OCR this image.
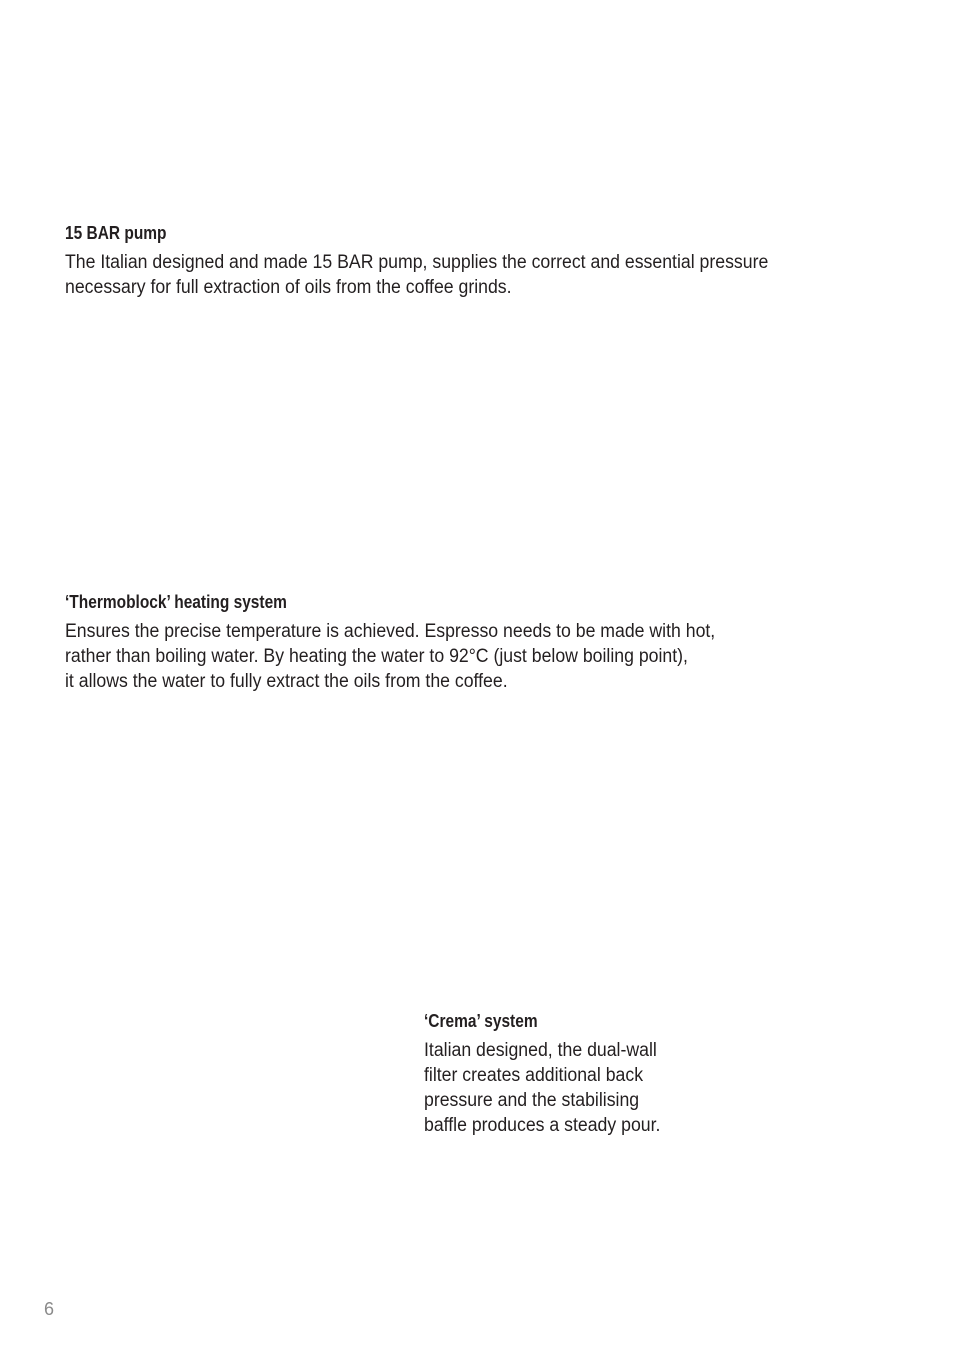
15 BAR pump

The Italian designed and made 15 BAR pump, supplies the correct and essential pressure
necessary for full extraction of oils from the coffee grinds.

‘Thermoblock’ heating system

Ensures the precise temperature is achieved. Espresso needs to be made with hot,
rather than boiling water. By heating the water to 92°C (just below boiling point),
it allows the water to fully extract the oils from the coffee.

‘Crema’ system

Italian designed, the dual-wall
filter creates additional back
pressure and the stabilising
baffle produces a steady pour.

6
